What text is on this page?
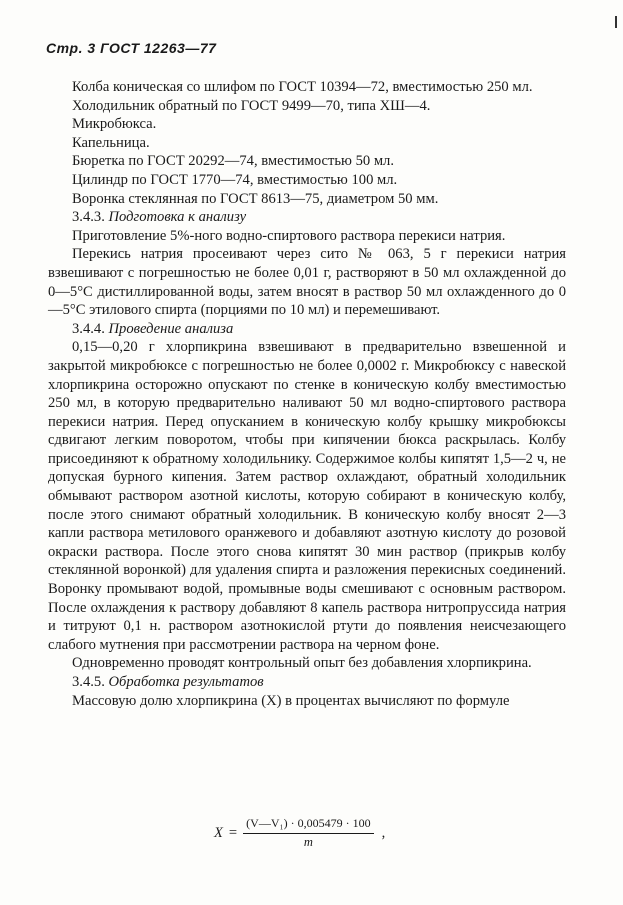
Стр. 3 ГОСТ 12263—77

Колба коническая со шлифом по ГОСТ 10394—72, вместимостью 250 мл.

Холодильник обратный по ГОСТ 9499—70, типа ХШ—4.

Микробюкса.

Капельница.

Бюретка по ГОСТ 20292—74, вместимостью 50 мл.

Цилиндр по ГОСТ 1770—74, вместимостью 100 мл.

Воронка стеклянная по ГОСТ 8613—75, диаметром 50 мм.

3.4.3. Подготовка к анализу

Приготовление 5%-ного водно-спиртового раствора перекиси натрия.

Перекись натрия просеивают через сито № 063, 5 г перекиси натрия взвешивают с погрешностью не более 0,01 г, растворяют в 50 мл охлажденной до 0—5°С дистиллированной воды, затем вносят в раствор 50 мл охлажденного до 0—5°С этилового спирта (порциями по 10 мл) и перемешивают.

3.4.4. Проведение анализа

0,15—0,20 г хлорпикрина взвешивают в предварительно взвешенной и закрытой микробюксе с погрешностью не более 0,0002 г. Микробюксу с навеской хлорпикрина осторожно опускают по стенке в коническую колбу вместимостью 250 мл, в которую предварительно наливают 50 мл водно-спиртового раствора перекиси натрия. Перед опусканием в коническую колбу крышку микробюксы сдвигают легким поворотом, чтобы при кипячении бюкса раскрылась. Колбу присоединяют к обратному холодильнику. Содержимое колбы кипятят 1,5—2 ч, не допуская бурного кипения. Затем раствор охлаждают, обратный холодильник обмывают раствором азотной кислоты, которую собирают в коническую колбу, после этого снимают обратный холодильник. В коническую колбу вносят 2—3 капли раствора метилового оранжевого и добавляют азотную кислоту до розовой окраски раствора. После этого снова кипятят 30 мин раствор (прикрыв колбу стеклянной воронкой) для удаления спирта и разложения перекисных соединений. Воронку промывают водой, промывные воды смешивают с основным раствором. После охлаждения к раствору добавляют 8 капель раствора нитропруссида натрия и титруют 0,1 н. раствором азотнокислой ртути до появления неисчезающего слабого мутнения при рассмотрении раствора на черном фоне.

Одновременно проводят контрольный опыт без добавления хлорпикрина.

3.4.5. Обработка результатов

Массовую долю хлорпикрина (X) в процентах вычисляют по формуле

$X = \frac{\text{(V—V₁) · 0,005479 · 100}}{m}$ ,
